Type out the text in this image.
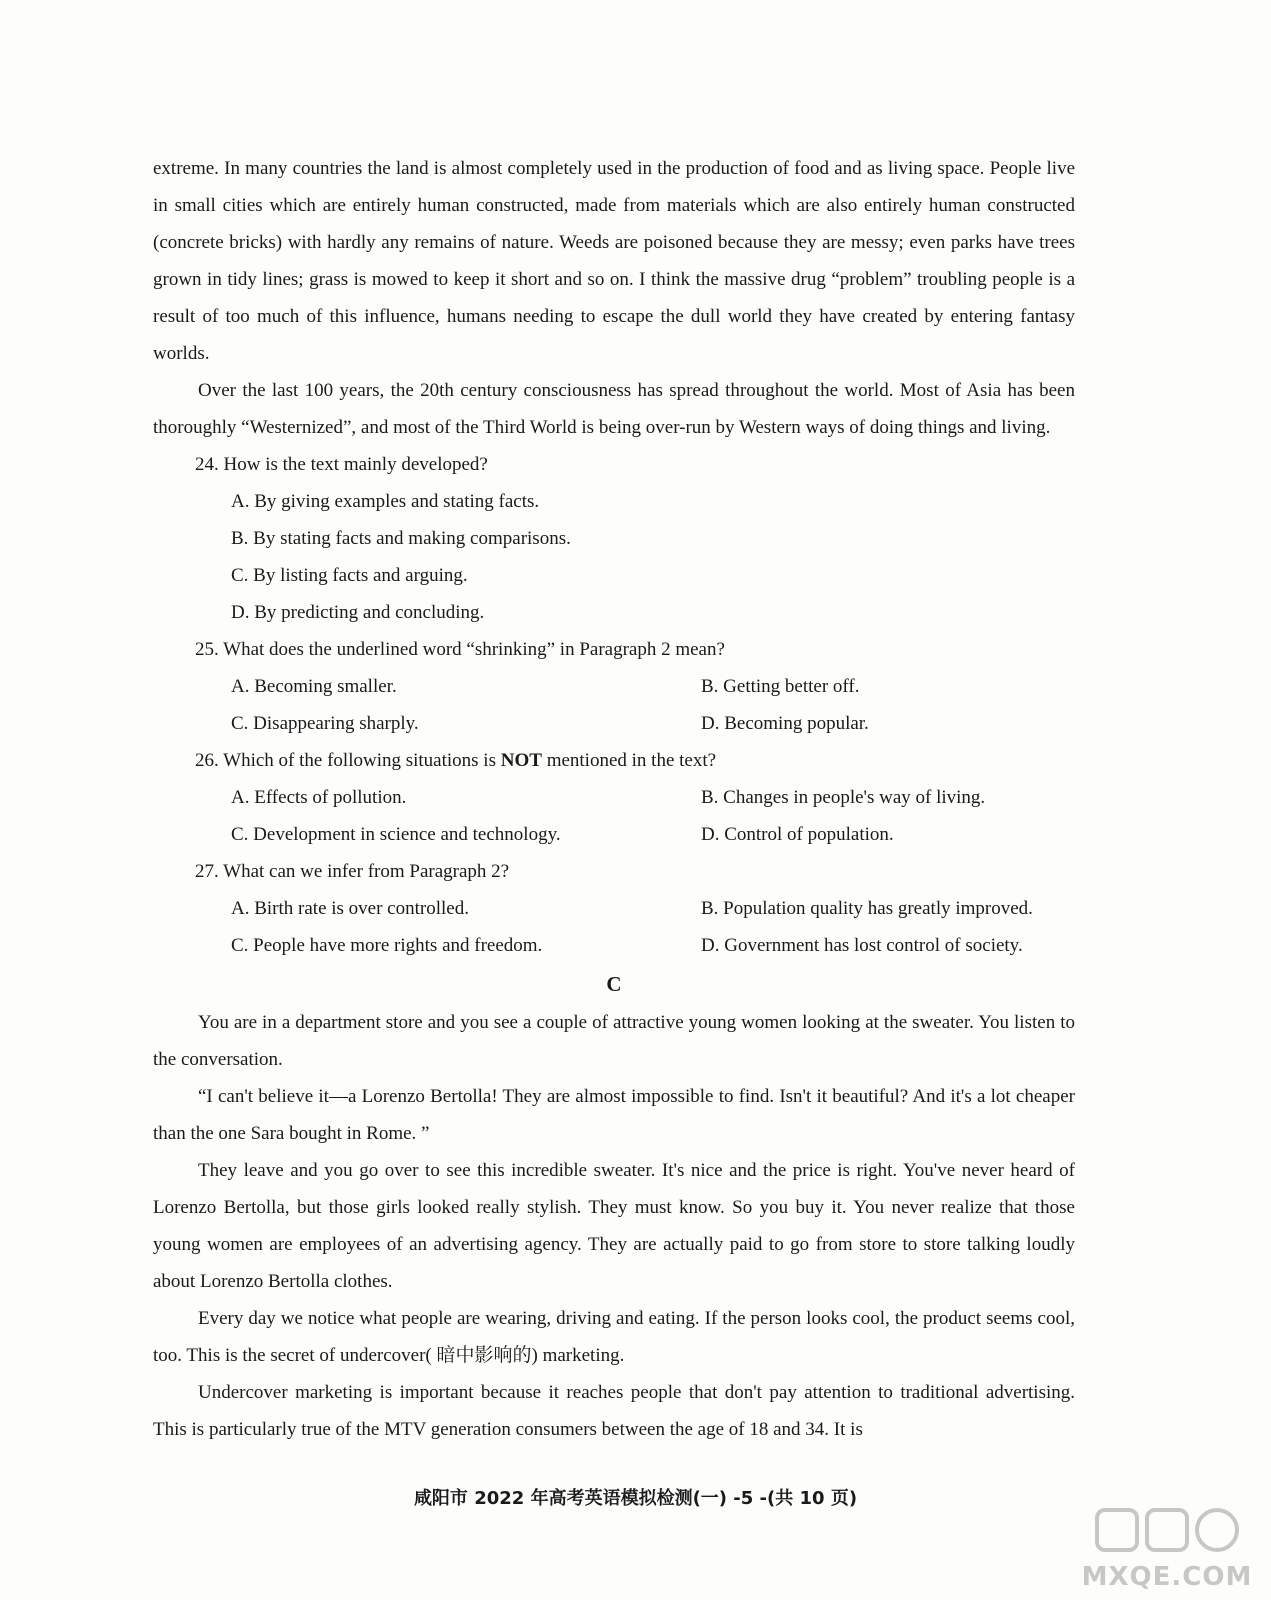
extreme. In many countries the land is almost completely used in the production of food and as living space. People live in small cities which are entirely human constructed, made from materials which are also entirely human constructed (concrete bricks) with hardly any remains of nature. Weeds are poisoned because they are messy; even parks have trees grown in tidy lines; grass is mowed to keep it short and so on. I think the massive drug “problem” troubling people is a result of too much of this influence, humans needing to escape the dull world they have created by entering fantasy worlds.

Over the last 100 years, the 20th century consciousness has spread throughout the world. Most of Asia has been thoroughly “Westernized”, and most of the Third World is being over-run by Western ways of doing things and living.

24. How is the text mainly developed?

A. By giving examples and stating facts.

B. By stating facts and making comparisons.

C. By listing facts and arguing.

D. By predicting and concluding.

25. What does the underlined word “shrinking” in Paragraph 2 mean?

A. Becoming smaller.	B. Getting better off.
C. Disappearing sharply.	D. Becoming popular.

26. Which of the following situations is NOT mentioned in the text?

A. Effects of pollution.	B. Changes in people's way of living.
C. Development in science and technology.	D. Control of population.

27. What can we infer from Paragraph 2?

A. Birth rate is over controlled.	B. Population quality has greatly improved.
C. People have more rights and freedom.	D. Government has lost control of society.

C

You are in a department store and you see a couple of attractive young women looking at the sweater. You listen to the conversation.

“I can't believe it—a Lorenzo Bertolla! They are almost impossible to find. Isn't it beautiful? And it's a lot cheaper than the one Sara bought in Rome. ”

They leave and you go over to see this incredible sweater. It's nice and the price is right. You've never heard of Lorenzo Bertolla, but those girls looked really stylish. They must know. So you buy it. You never realize that those young women are employees of an advertising agency. They are actually paid to go from store to store talking loudly about Lorenzo Bertolla clothes.

Every day we notice what people are wearing, driving and eating. If the person looks cool, the product seems cool, too. This is the secret of undercover( 暗中影响的) marketing.

Undercover marketing is important because it reaches people that don't pay attention to traditional advertising. This is particularly true of the MTV generation consumers between the age of 18 and 34. It is

咸阳市 2022 年高考英语模拟检测(一) -5 -(共 10 页)
MXQE.COM
